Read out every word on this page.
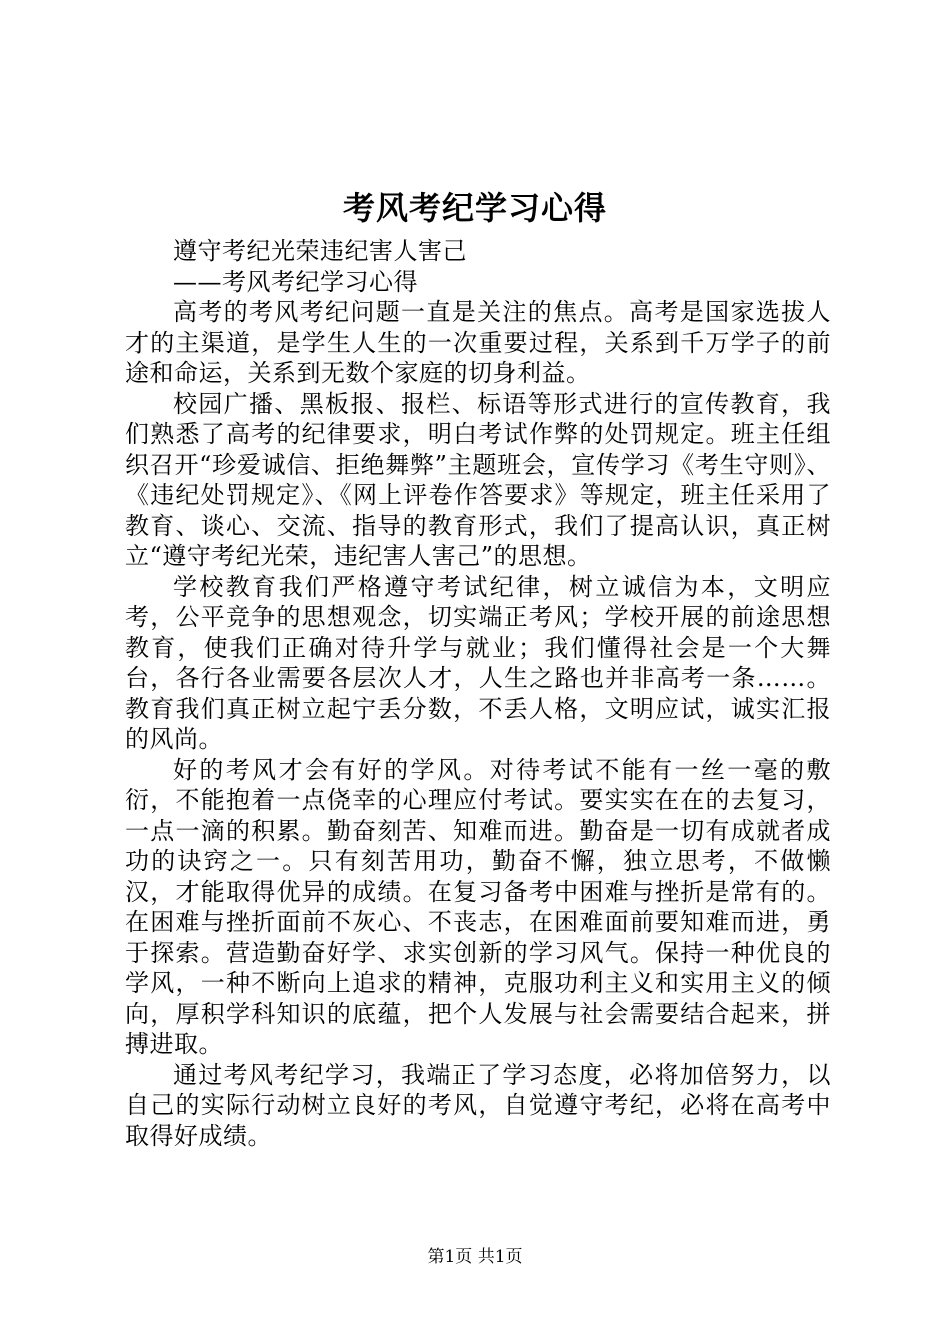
考风考纪学习心得

遵守考纪光荣违纪害人害己

——考风考纪学习心得

高考的考风考纪问题一直是关注的焦点。高考是国家选拔人才的主渠道，是学生人生的一次重要过程，关系到千万学子的前途和命运，关系到无数个家庭的切身利益。

校园广播、黑板报、报栏、标语等形式进行的宣传教育，我们熟悉了高考的纪律要求，明白考试作弊的处罚规定。班主任组织召开“珍爱诚信、拒绝舞弊”主题班会，宣传学习《考生守则》、《违纪处罚规定》、《网上评卷作答要求》等规定，班主任采用了教育、谈心、交流、指导的教育形式，我们了提高认识，真正树立“遵守考纪光荣，违纪害人害己”的思想。

学校教育我们严格遵守考试纪律，树立诚信为本，文明应考，公平竞争的思想观念，切实端正考风；学校开展的前途思想教育，使我们正确对待升学与就业；我们懂得社会是一个大舞台，各行各业需要各层次人才，人生之路也并非高考一条……。教育我们真正树立起宁丢分数，不丢人格，文明应试，诚实汇报的风尚。

好的考风才会有好的学风。对待考试不能有一丝一毫的敷衍，不能抱着一点侥幸的心理应付考试。要实实在在的去复习，一点一滴的积累。勤奋刻苦、知难而进。勤奋是一切有成就者成功的诀窍之一。只有刻苦用功，勤奋不懈，独立思考，不做懒汉，才能取得优异的成绩。在复习备考中困难与挫折是常有的。在困难与挫折面前不灰心、不丧志，在困难面前要知难而进，勇于探索。营造勤奋好学、求实创新的学习风气。保持一种优良的学风，一种不断向上追求的精神，克服功利主义和实用主义的倾向，厚积学科知识的底蕴，把个人发展与社会需要结合起来，拼搏进取。

通过考风考纪学习，我端正了学习态度，必将加倍努力，以自己的实际行动树立良好的考风，自觉遵守考纪，必将在高考中取得好成绩。

第1页 共1页
